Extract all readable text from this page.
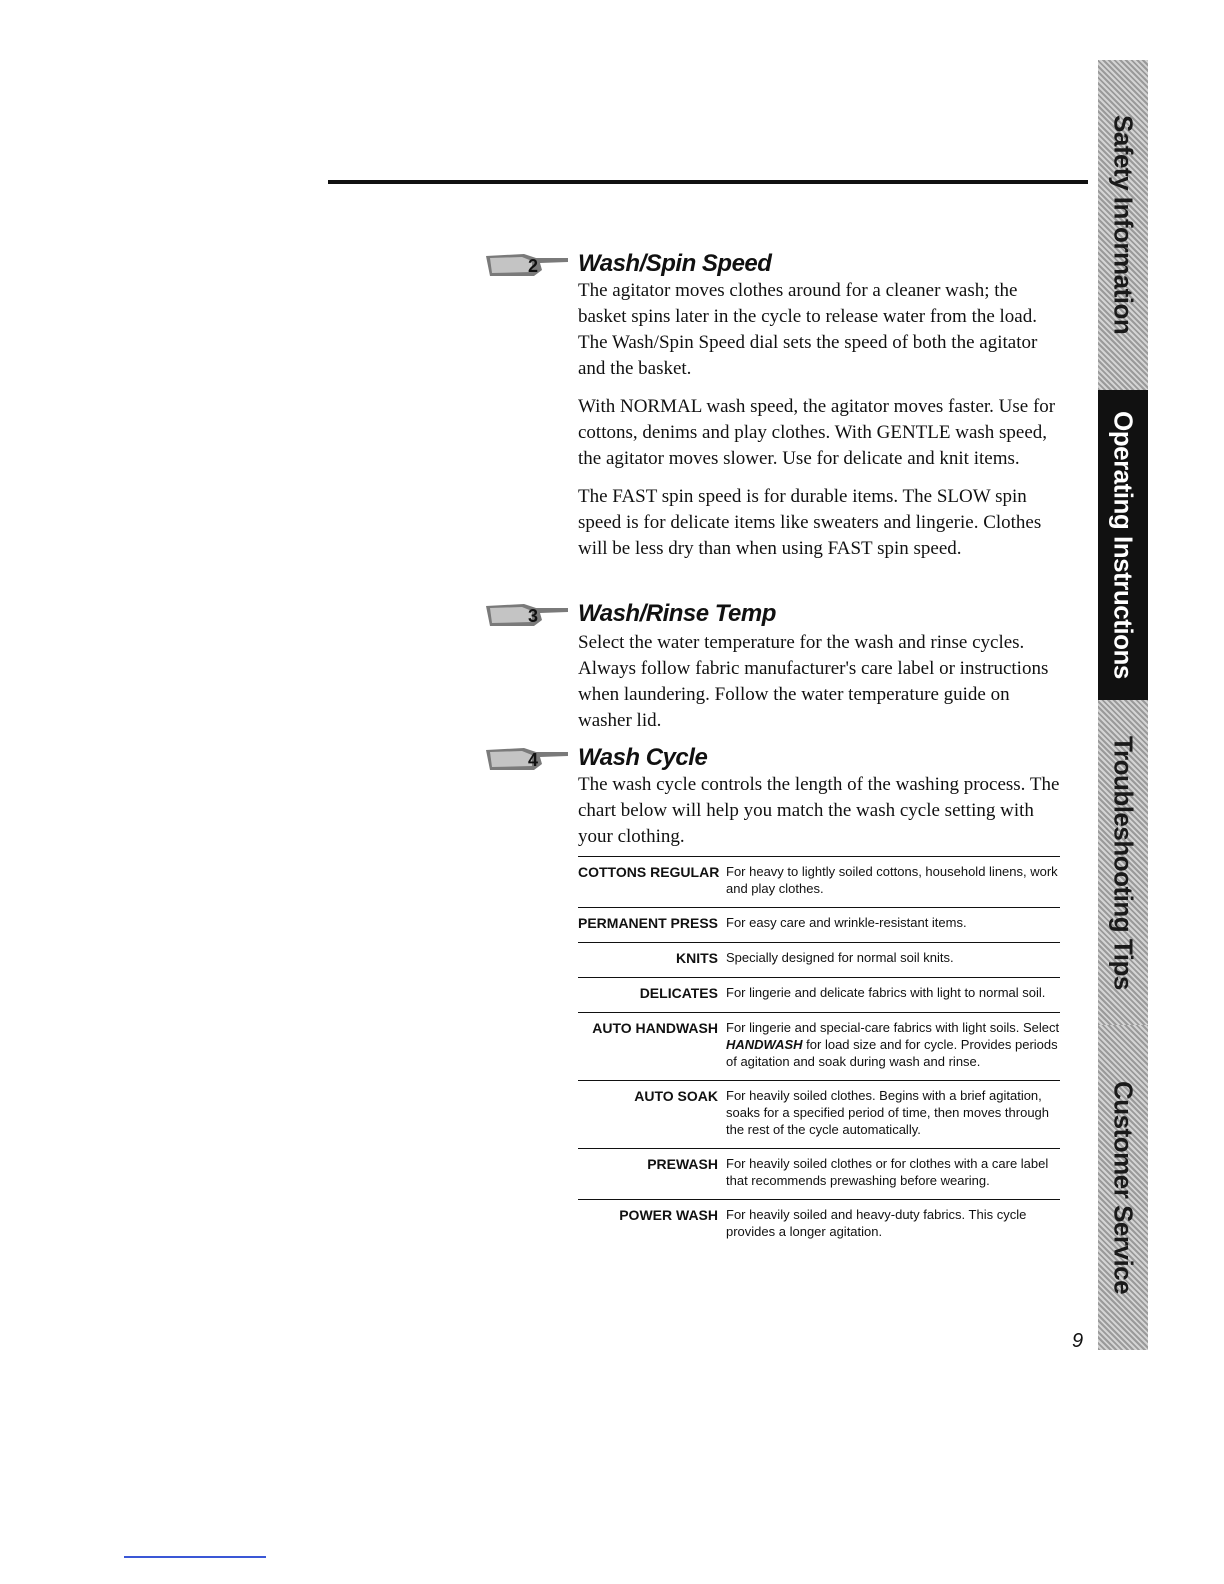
2 Wash/Spin Speed

The agitator moves clothes around for a cleaner wash; the basket spins later in the cycle to release water from the load. The Wash/Spin Speed dial sets the speed of both the agitator and the basket.

With NORMAL wash speed, the agitator moves faster. Use for cottons, denims and play clothes. With GENTLE wash speed, the agitator moves slower. Use for delicate and knit items.

The FAST spin speed is for durable items. The SLOW spin speed is for delicate items like sweaters and lingerie. Clothes will be less dry than when using FAST spin speed.

3 Wash/Rinse Temp

Select the water temperature for the wash and rinse cycles. Always follow fabric manufacturer's care label or instructions when laundering. Follow the water temperature guide on washer lid.

4 Wash Cycle

The wash cycle controls the length of the washing process. The chart below will help you match the wash cycle setting with your clothing.

COTTONS REGULAR For heavy to lightly soiled cottons, household linens, work and play clothes.
PERMANENT PRESS For easy care and wrinkle-resistant items.
KNITS Specially designed for normal soil knits.
DELICATES For lingerie and delicate fabrics with light to normal soil.
AUTO HANDWASH For lingerie and special-care fabrics with light soils. Select HANDWASH for load size and for cycle. Provides periods of agitation and soak during wash and rinse.
AUTO SOAK For heavily soiled clothes. Begins with a brief agitation, soaks for a specified period of time, then moves through the rest of the cycle automatically.
PREWASH For heavily soiled clothes or for clothes with a care label that recommends prewashing before wearing.
POWER WASH For heavily soiled and heavy-duty fabrics. This cycle provides a longer agitation.
9
Safety Information
Operating Instructions
Troubleshooting Tips
Customer Service
